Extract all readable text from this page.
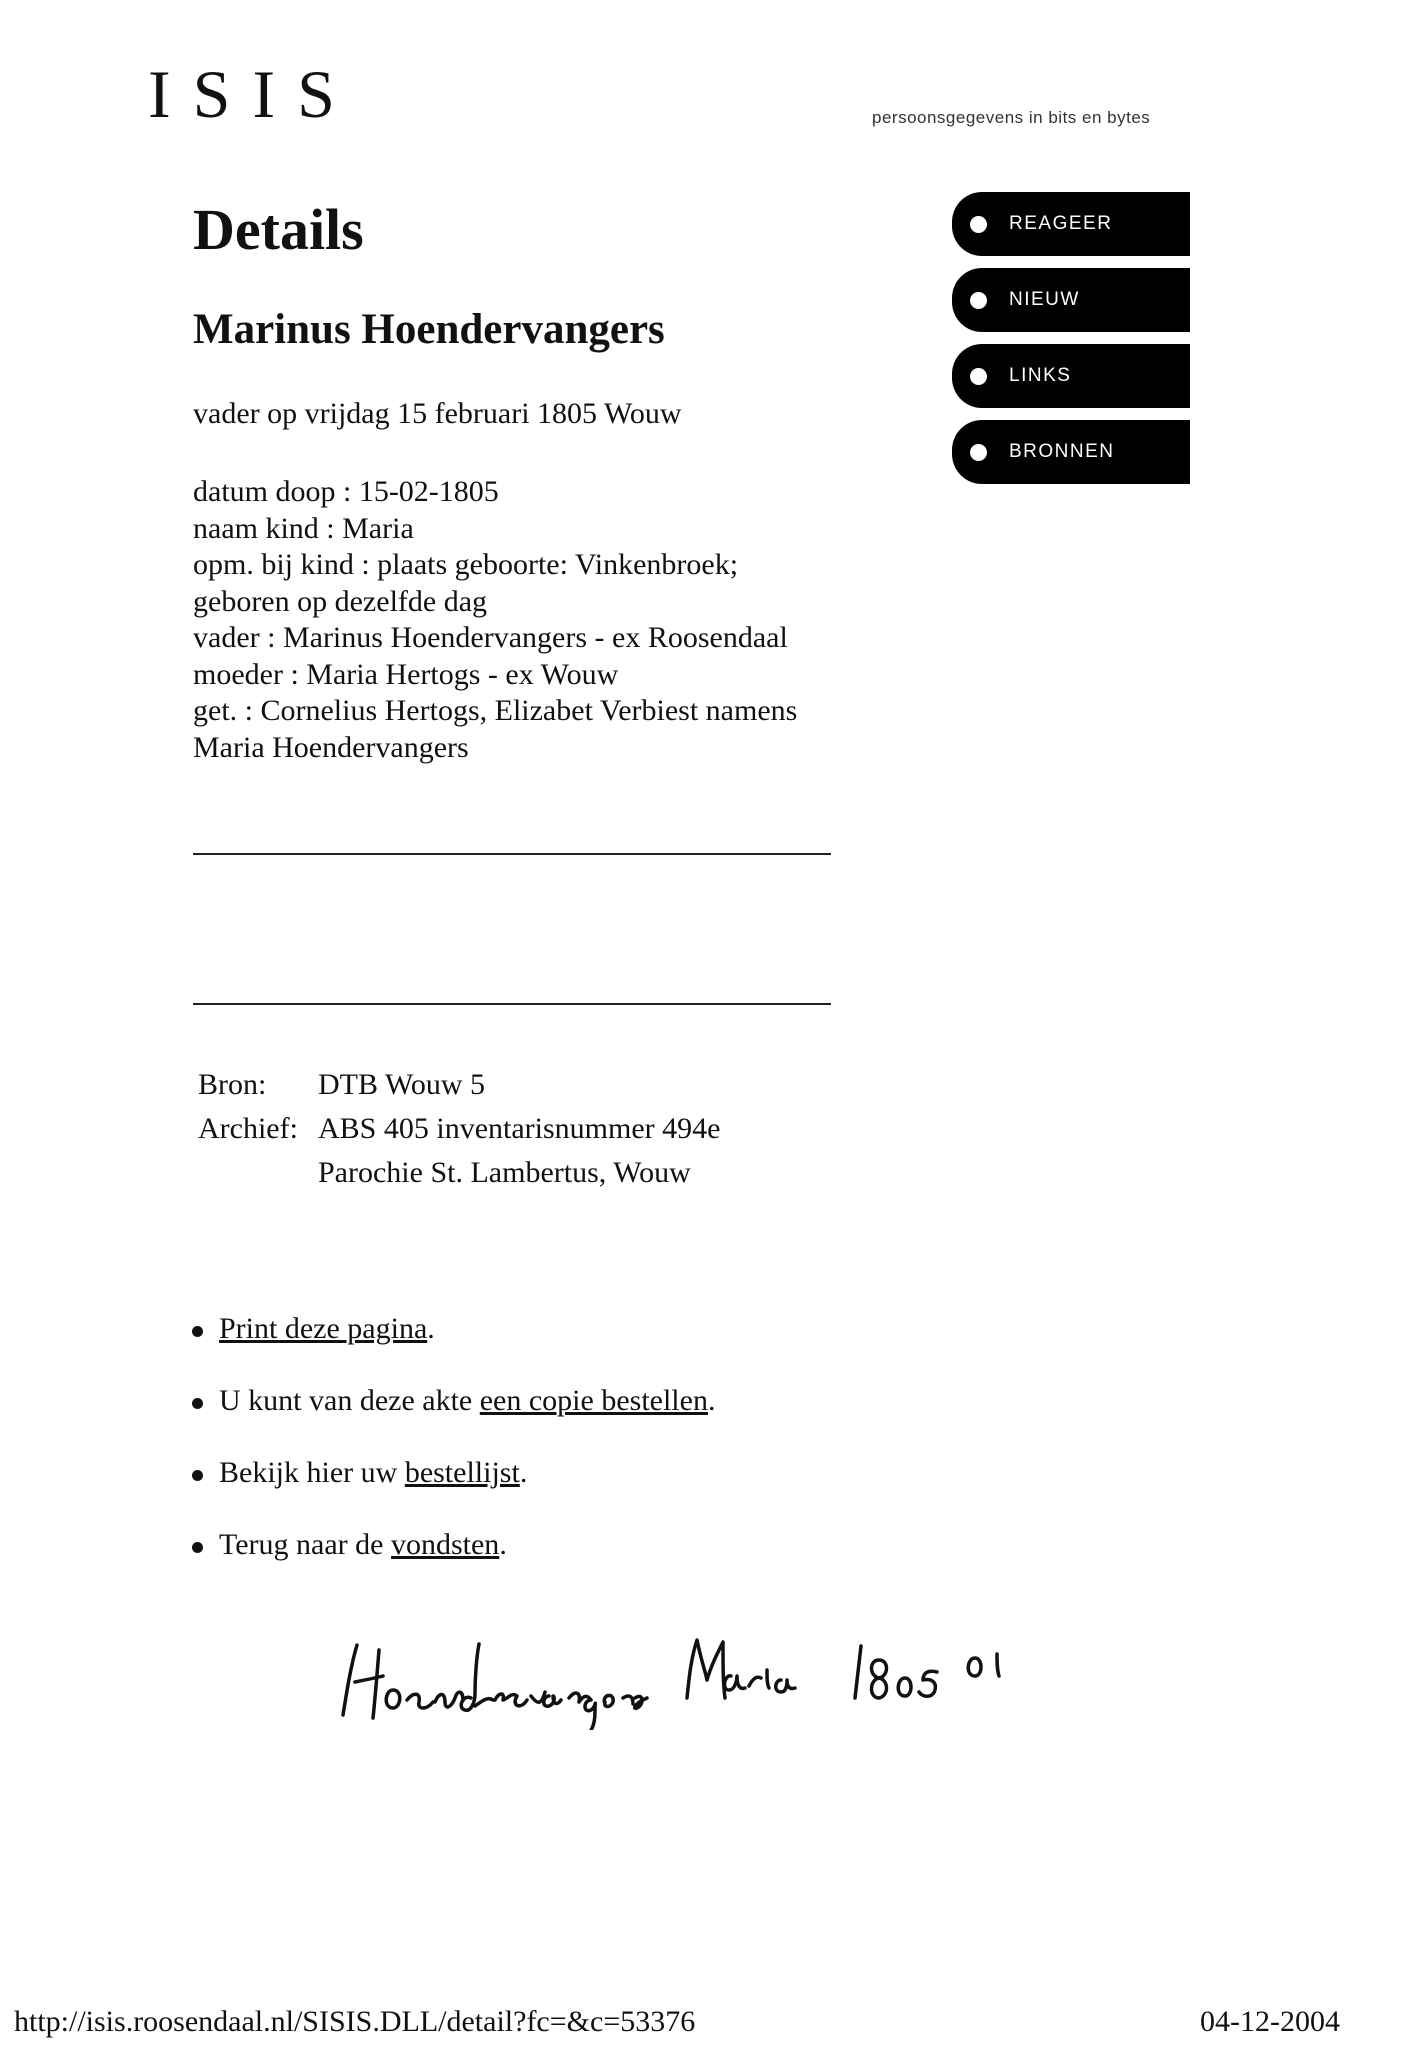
ISIS	persoonsgegevens in bits en bytes
REAGEER
NIEUW
LINKS
BRONNEN
Details
Marinus Hoendervangers
vader op vrijdag 15 februari 1805 Wouw
datum doop : 15-02-1805
naam kind : Maria
opm. bij kind : plaats geboorte: Vinkenbroek; geboren op dezelfde dag
vader : Marinus Hoendervangers - ex Roosendaal
moeder : Maria Hertogs - ex Wouw
get. : Cornelius Hertogs, Elizabet Verbiest namens Maria Hoendervangers
Bron:	DTB Wouw 5
Archief:	ABS 405 inventarisnummer 494e
	Parochie St. Lambertus, Wouw
Print deze pagina .
U kunt van deze akte een copie bestellen .
Bekijk hier uw bestellijst .
Terug naar de vondsten .
http://isis.roosendaal.nl/SISIS.DLL/detail?fc=&c=53376	04-12-2004
